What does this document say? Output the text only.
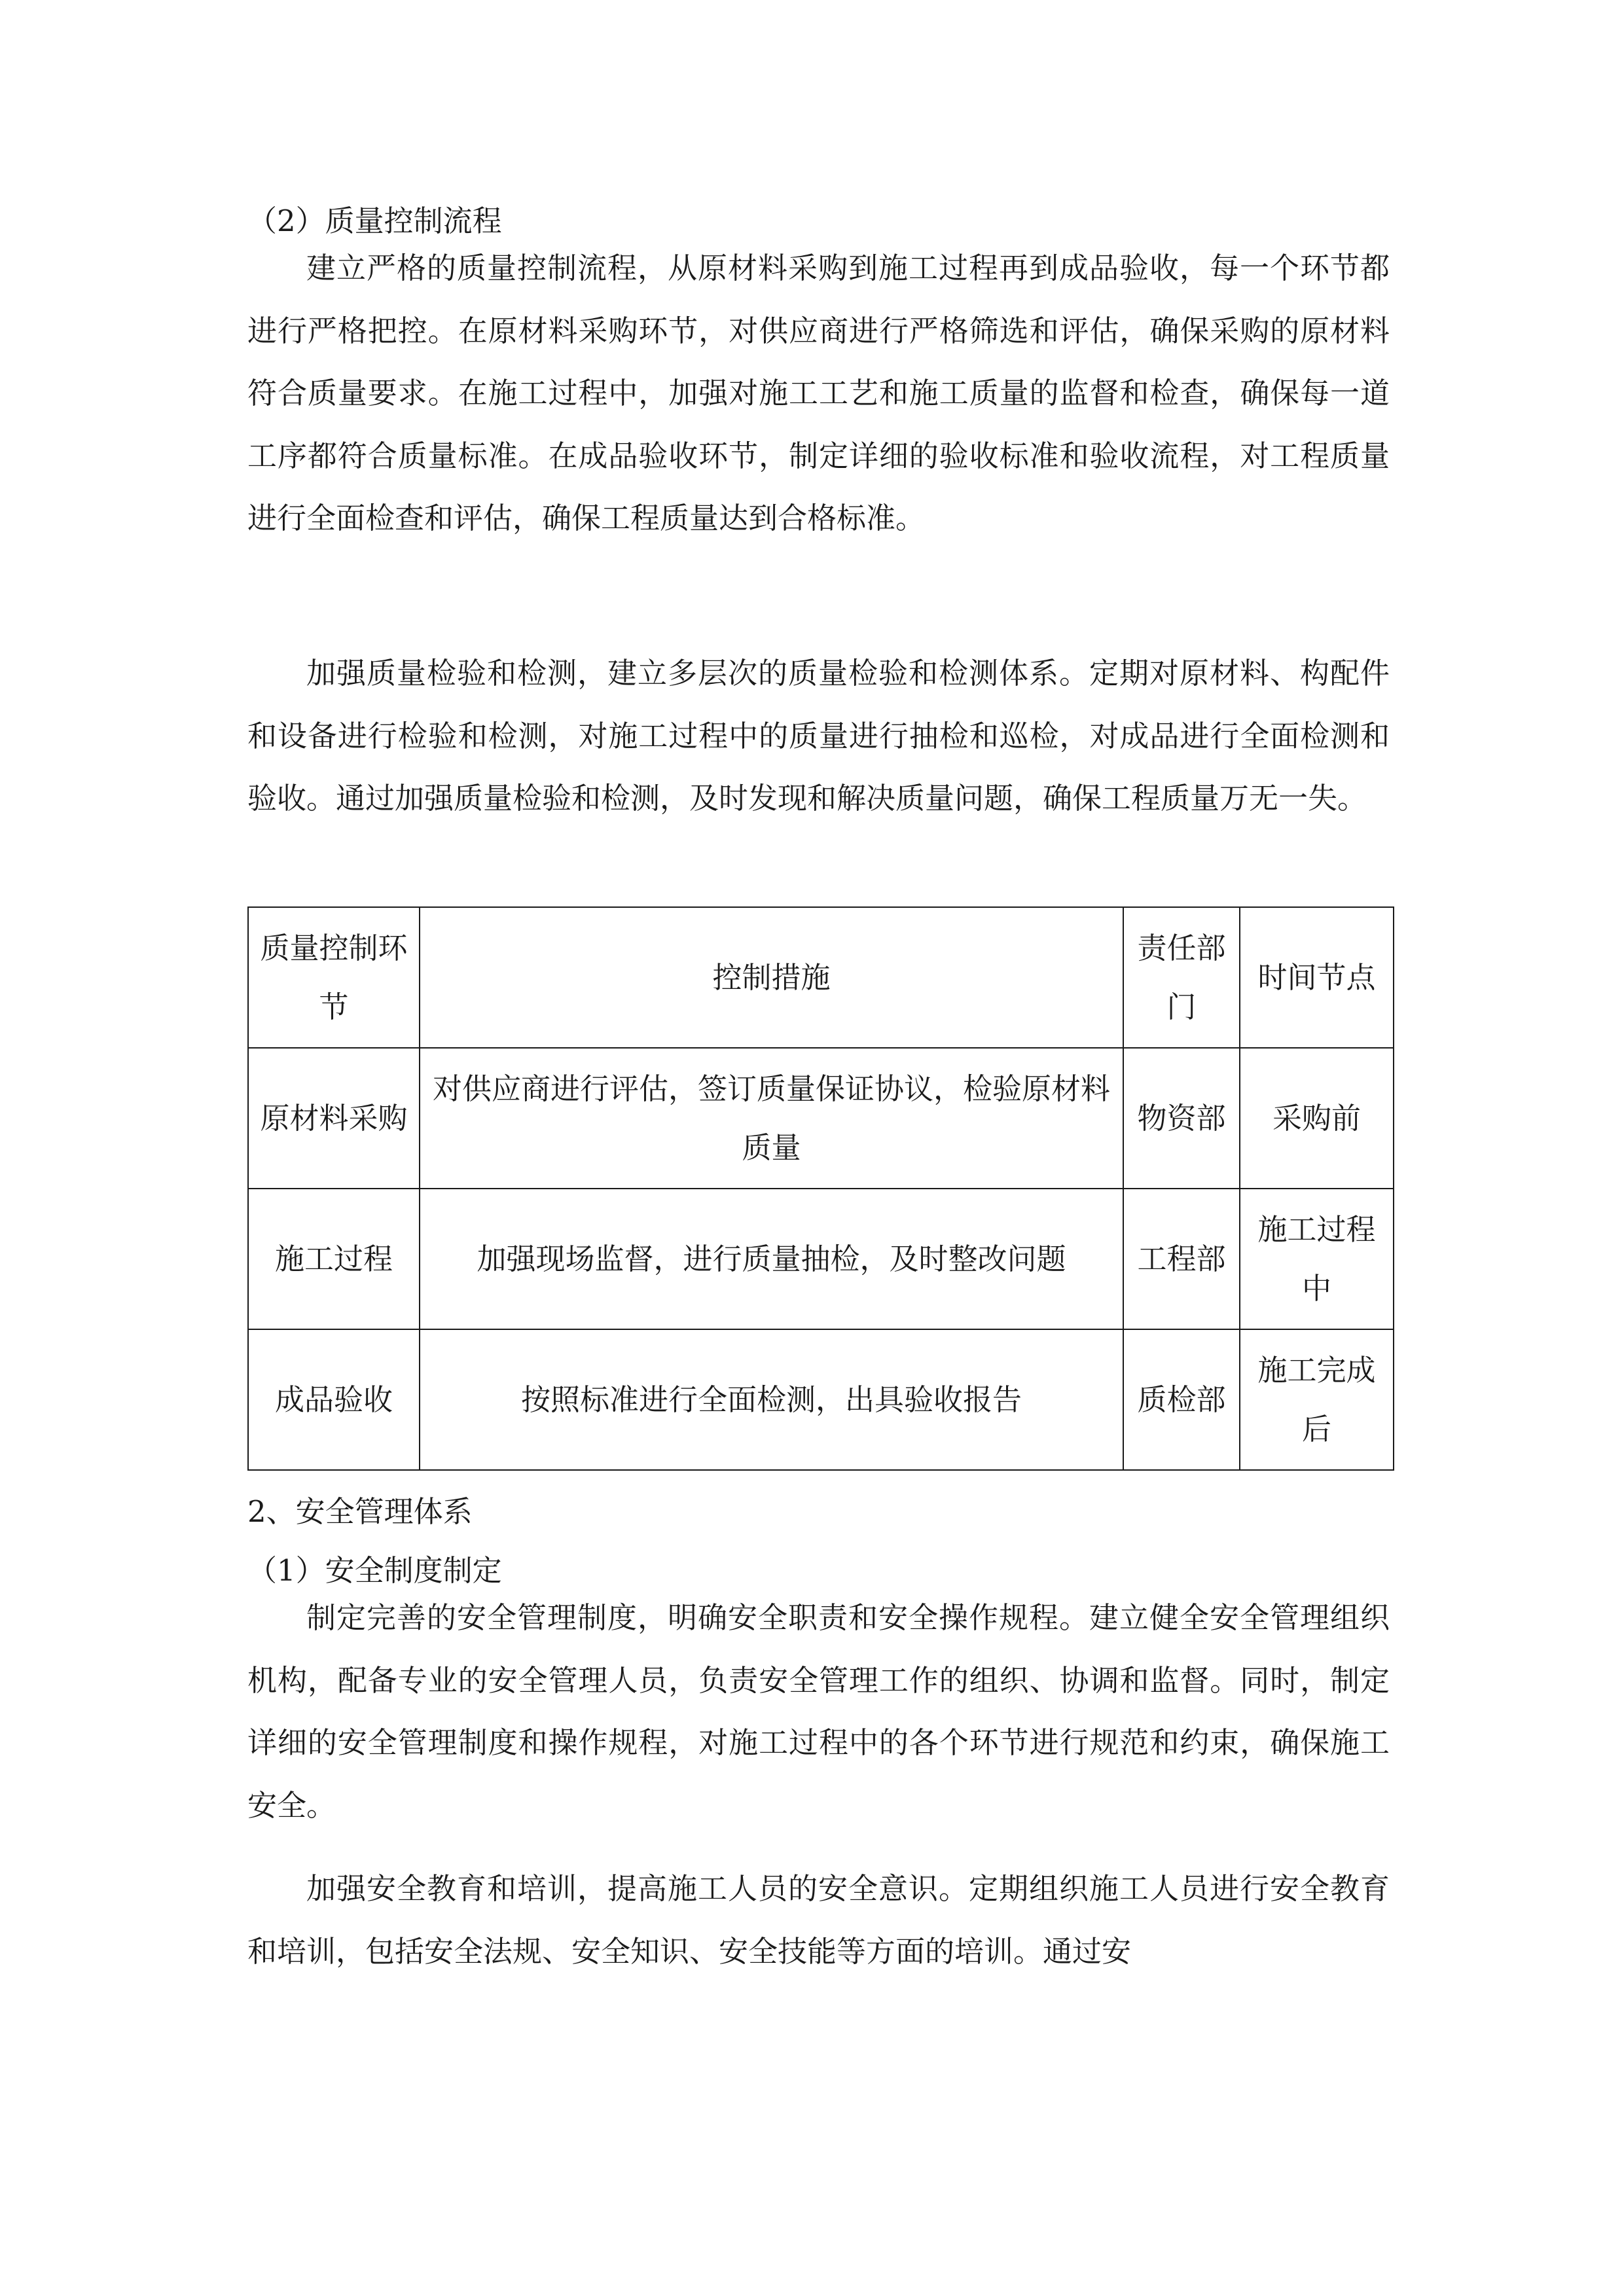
（2）质量控制流程

建立严格的质量控制流程，从原材料采购到施工过程再到成品验收，每一个环节都进行严格把控。在原材料采购环节，对供应商进行严格筛选和评估，确保采购的原材料符合质量要求。在施工过程中，加强对施工工艺和施工质量的监督和检查，确保每一道工序都符合质量标准。在成品验收环节，制定详细的验收标准和验收流程，对工程质量进行全面检查和评估，确保工程质量达到合格标准。

加强质量检验和检测，建立多层次的质量检验和检测体系。定期对原材料、构配件和设备进行检验和检测，对施工过程中的质量进行抽检和巡检，对成品进行全面检测和验收。通过加强质量检验和检测，及时发现和解决质量问题，确保工程质量万无一失。

质量控制环节	控制措施	责任部门	时间节点
原材料采购	对供应商进行评估，签订质量保证协议，检验原材料质量	物资部	采购前
施工过程	加强现场监督，进行质量抽检，及时整改问题	工程部	施工过程中
成品验收	按照标准进行全面检测，出具验收报告	质检部	施工完成后
2、安全管理体系
（1）安全制度制定

制定完善的安全管理制度，明确安全职责和安全操作规程。建立健全安全管理组织机构，配备专业的安全管理人员，负责安全管理工作的组织、协调和监督。同时，制定详细的安全管理制度和操作规程，对施工过程中的各个环节进行规范和约束，确保施工安全。

加强安全教育和培训，提高施工人员的安全意识。定期组织施工人员进行安全教育和培训，包括安全法规、安全知识、安全技能等方面的培训。通过安
